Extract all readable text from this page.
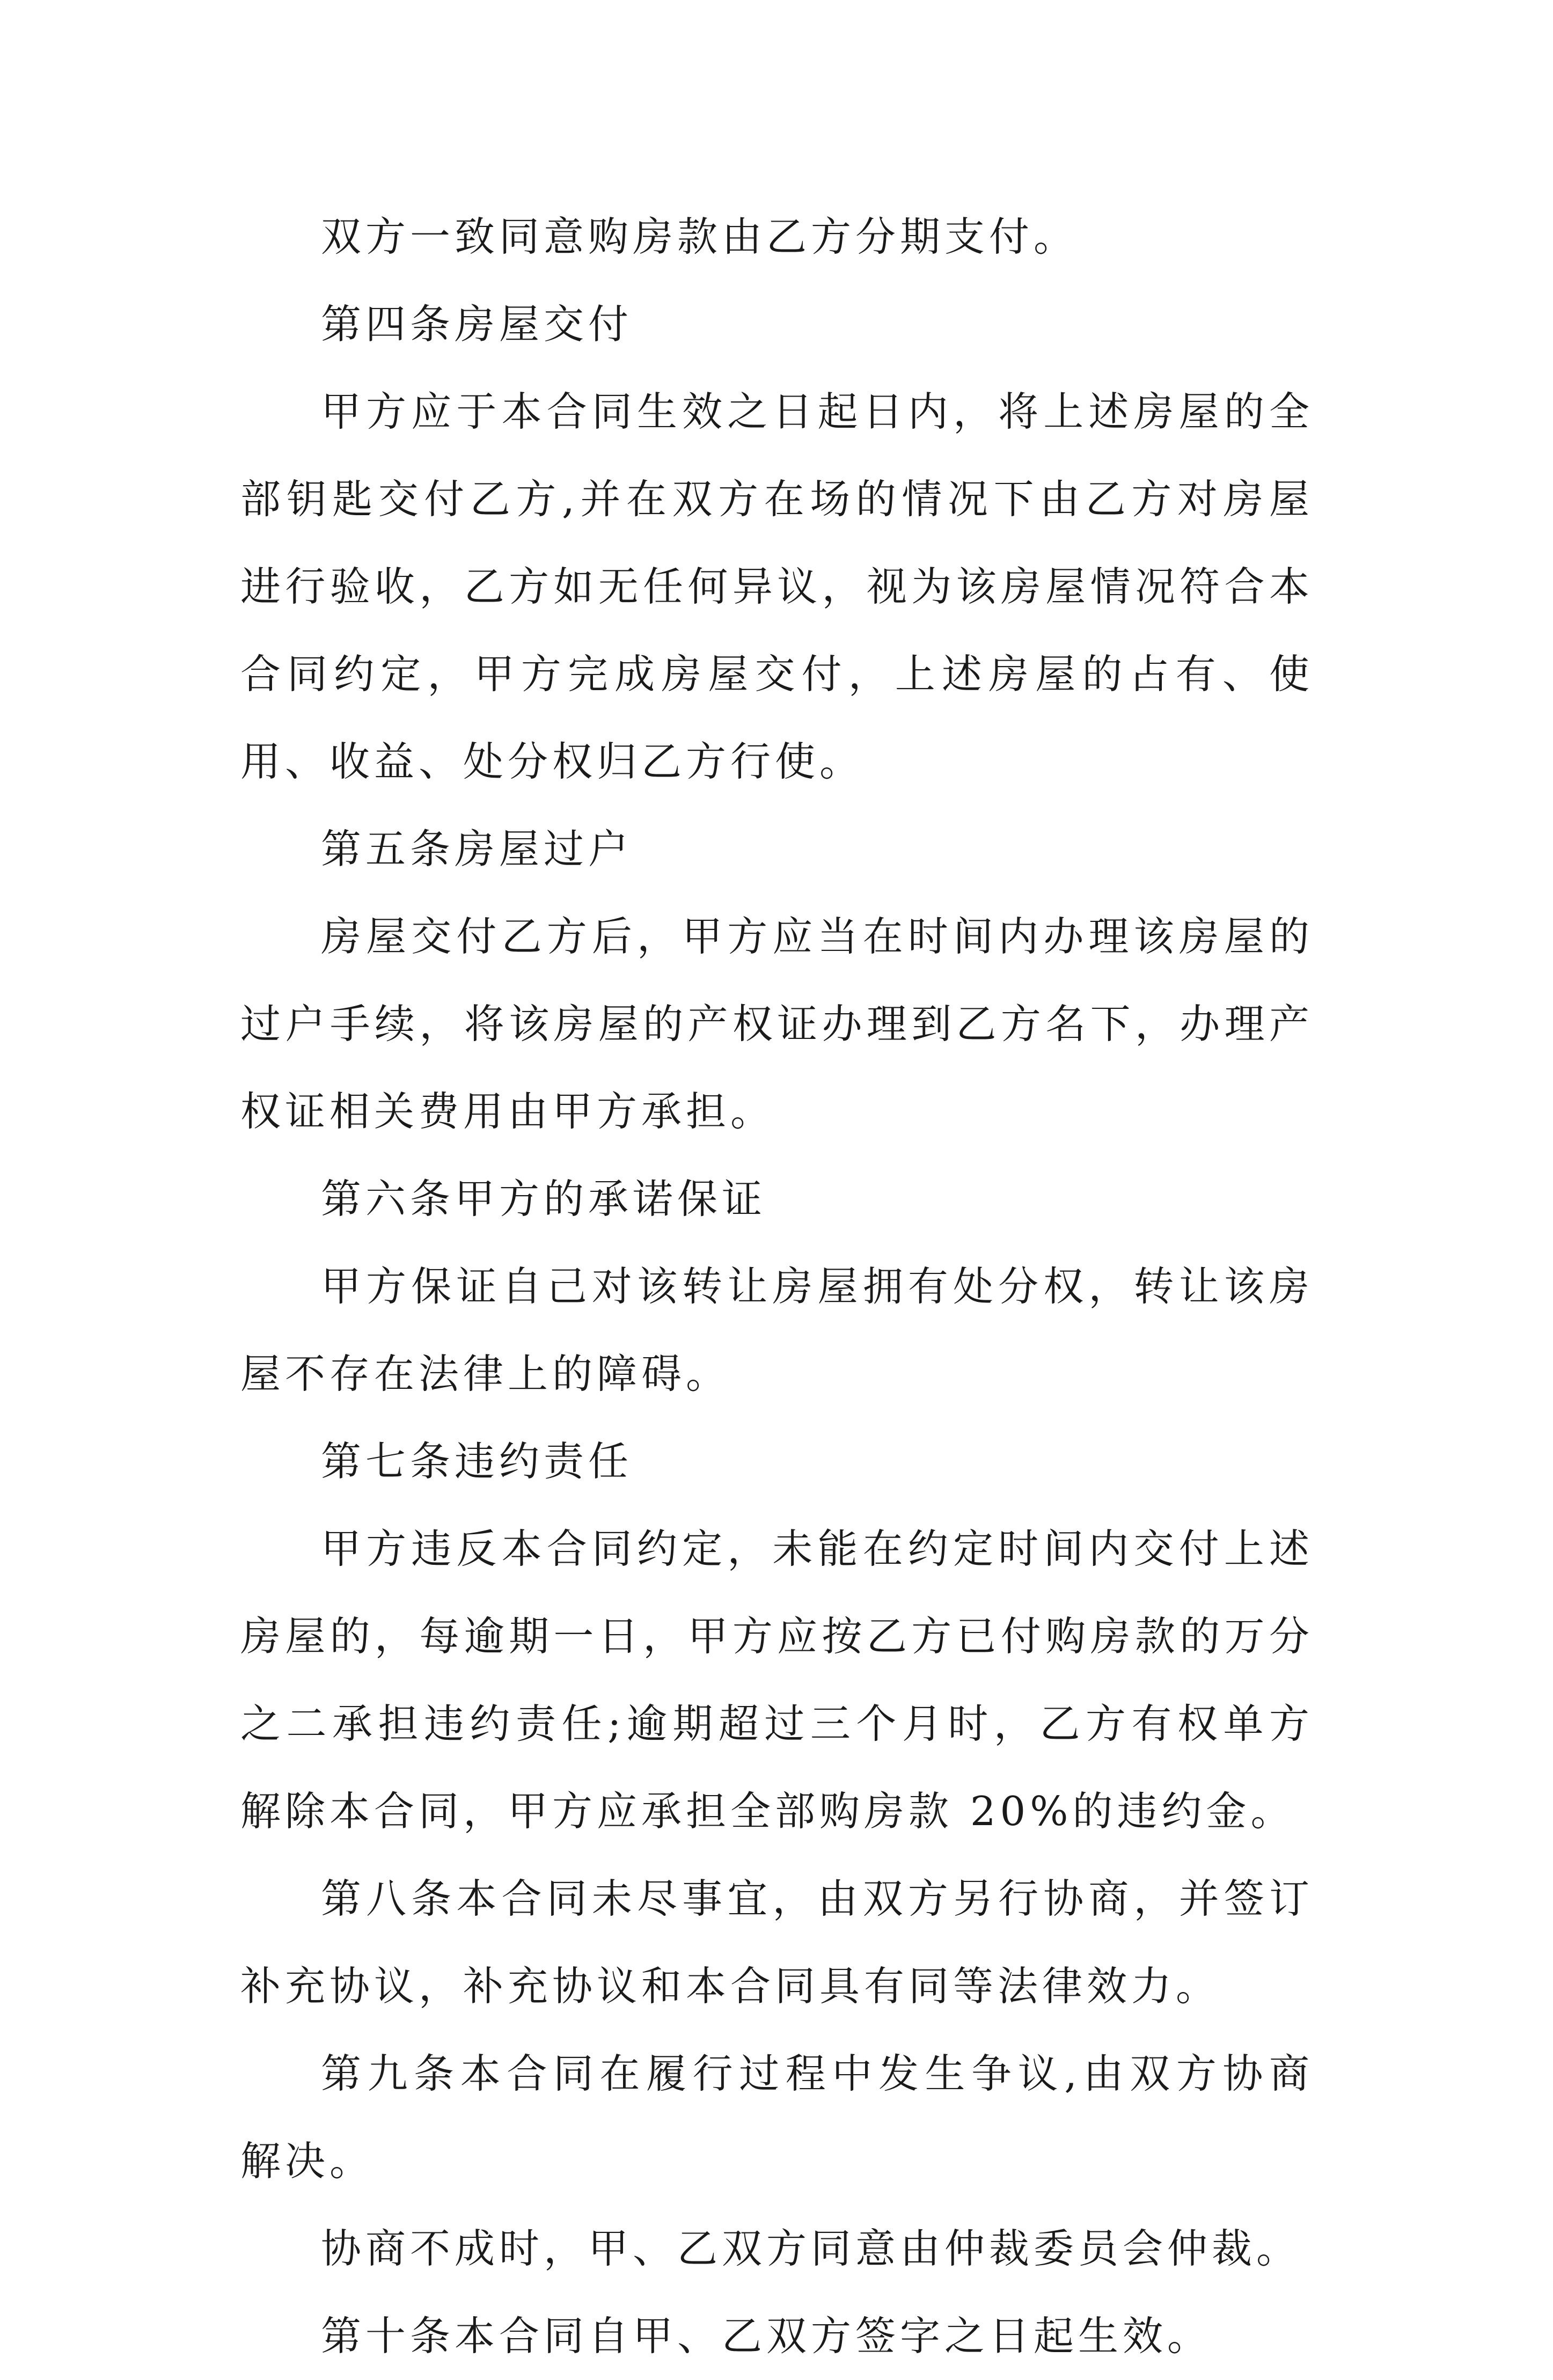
双方一致同意购房款由乙方分期支付。

第四条房屋交付

甲方应于本合同生效之日起日内，将上述房屋的全部钥匙交付乙方,并在双方在场的情况下由乙方对房屋进行验收，乙方如无任何异议，视为该房屋情况符合本合同约定，甲方完成房屋交付，上述房屋的占有、使用、收益、处分权归乙方行使。

第五条房屋过户

房屋交付乙方后，甲方应当在时间内办理该房屋的过户手续，将该房屋的产权证办理到乙方名下，办理产权证相关费用由甲方承担。

第六条甲方的承诺保证

甲方保证自己对该转让房屋拥有处分权，转让该房屋不存在法律上的障碍。

第七条违约责任

甲方违反本合同约定，未能在约定时间内交付上述房屋的，每逾期一日，甲方应按乙方已付购房款的万分之二承担违约责任;逾期超过三个月时，乙方有权单方解除本合同，甲方应承担全部购房款 20%的违约金。

第八条本合同未尽事宜，由双方另行协商，并签订补充协议，补充协议和本合同具有同等法律效力。

第九条本合同在履行过程中发生争议,由双方协商解决。

协商不成时，甲、乙双方同意由仲裁委员会仲裁。

第十条本合同自甲、乙双方签字之日起生效。
